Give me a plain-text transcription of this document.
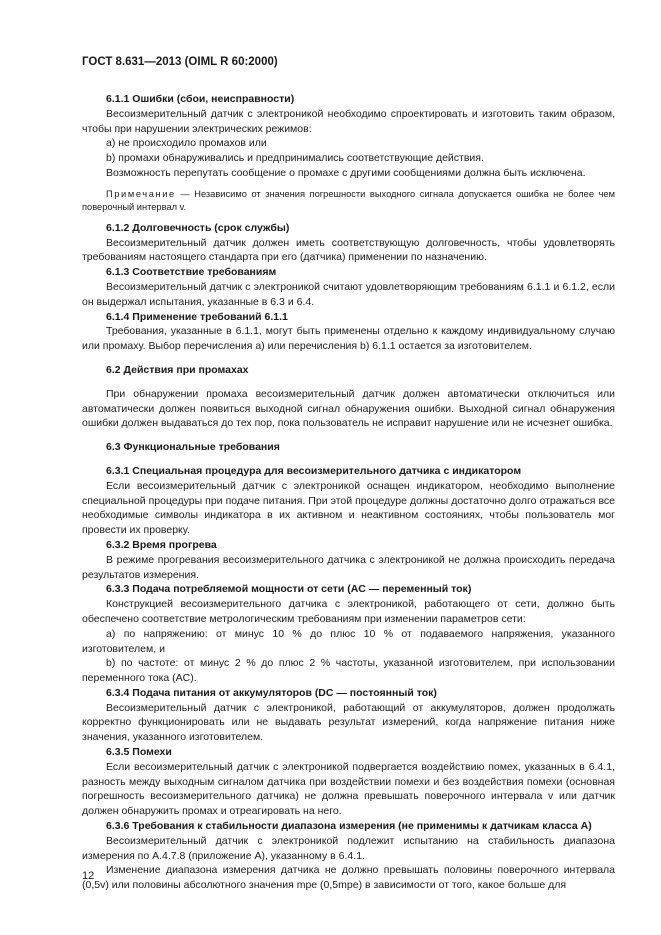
ГОСТ 8.631—2013 (OIML R 60:2000)

6.1.1 Ошибки (сбои, неисправности)

Весоизмерительный датчик с электроникой необходимо спроектировать и изготовить таким образом, чтобы при нарушении электрических режимов:

a) не происходило промахов или

b) промахи обнаруживались и предпринимались соответствующие действия.

Возможность перепутать сообщение о промахе с другими сообщениями должна быть исключена.

Примечание — Независимо от значения погрешности выходного сигнала допускается ошибка не более чем поверочный интервал v.

6.1.2 Долговечность (срок службы)

Весоизмерительный датчик должен иметь соответствующую долговечность, чтобы удовлетворять требованиям настоящего стандарта при его (датчика) применении по назначению.

6.1.3 Соответствие требованиям

Весоизмерительный датчик с электроникой считают удовлетворяющим требованиям 6.1.1 и 6.1.2, если он выдержал испытания, указанные в 6.3 и 6.4.

6.1.4 Применение требований 6.1.1

Требования, указанные в 6.1.1, могут быть применены отдельно к каждому индивидуальному случаю или промаху. Выбор перечисления a) или перечисления b) 6.1.1 остается за изготовителем.

6.2 Действия при промахах

При обнаружении промаха весоизмерительный датчик должен автоматически отключиться или автоматически должен появиться выходной сигнал обнаружения ошибки. Выходной сигнал обнаружения ошибки должен выдаваться до тех пор, пока пользователь не исправит нарушение или не исчезнет ошибка.

6.3 Функциональные требования

6.3.1 Специальная процедура для весоизмерительного датчика с индикатором

Если весоизмерительный датчик с электроникой оснащен индикатором, необходимо выполнение специальной процедуры при подаче питания. При этой процедуре должны достаточно долго отражаться все необходимые символы индикатора в их активном и неактивном состояниях, чтобы пользователь мог провести их проверку.

6.3.2 Время прогрева

В режиме прогревания весоизмерительного датчика с электроникой не должна происходить передача результатов измерения.

6.3.3 Подача потребляемой мощности от сети (AC — переменный ток)

Конструкцией весоизмерительного датчика с электроникой, работающего от сети, должно быть обеспечено соответствие метрологическим требованиям при изменении параметров сети:

a) по напряжению: от минус 10 % до плюс 10 % от подаваемого напряжения, указанного изготовителем, и

b) по частоте: от минус 2 % до плюс 2 % частоты, указанной изготовителем, при использовании переменного тока (AC).

6.3.4 Подача питания от аккумуляторов (DC — постоянный ток)

Весоизмерительный датчик с электроникой, работающий от аккумуляторов, должен продолжать корректно функционировать или не выдавать результат измерений, когда напряжение питания ниже значения, указанного изготовителем.

6.3.5 Помехи

Если весоизмерительный датчик с электроникой подвергается воздействию помех, указанных в 6.4.1, разность между выходным сигналом датчика при воздействии помехи и без воздействия помехи (основная погрешность весоизмерительного датчика) не должна превышать поверочного интервала v или датчик должен обнаружить промах и отреагировать на него.

6.3.6 Требования к стабильности диапазона измерения (не применимы к датчикам класса A)

Весоизмерительный датчик с электроникой подлежит испытанию на стабильность диапазона измерения по A.4.7.8 (приложение A), указанному в 6.4.1.

Изменение диапазона измерения датчика не должно превышать половины поверочного интервала (0,5v) или половины абсолютного значения mpe (0,5mpe) в зависимости от того, какое больше для

12
